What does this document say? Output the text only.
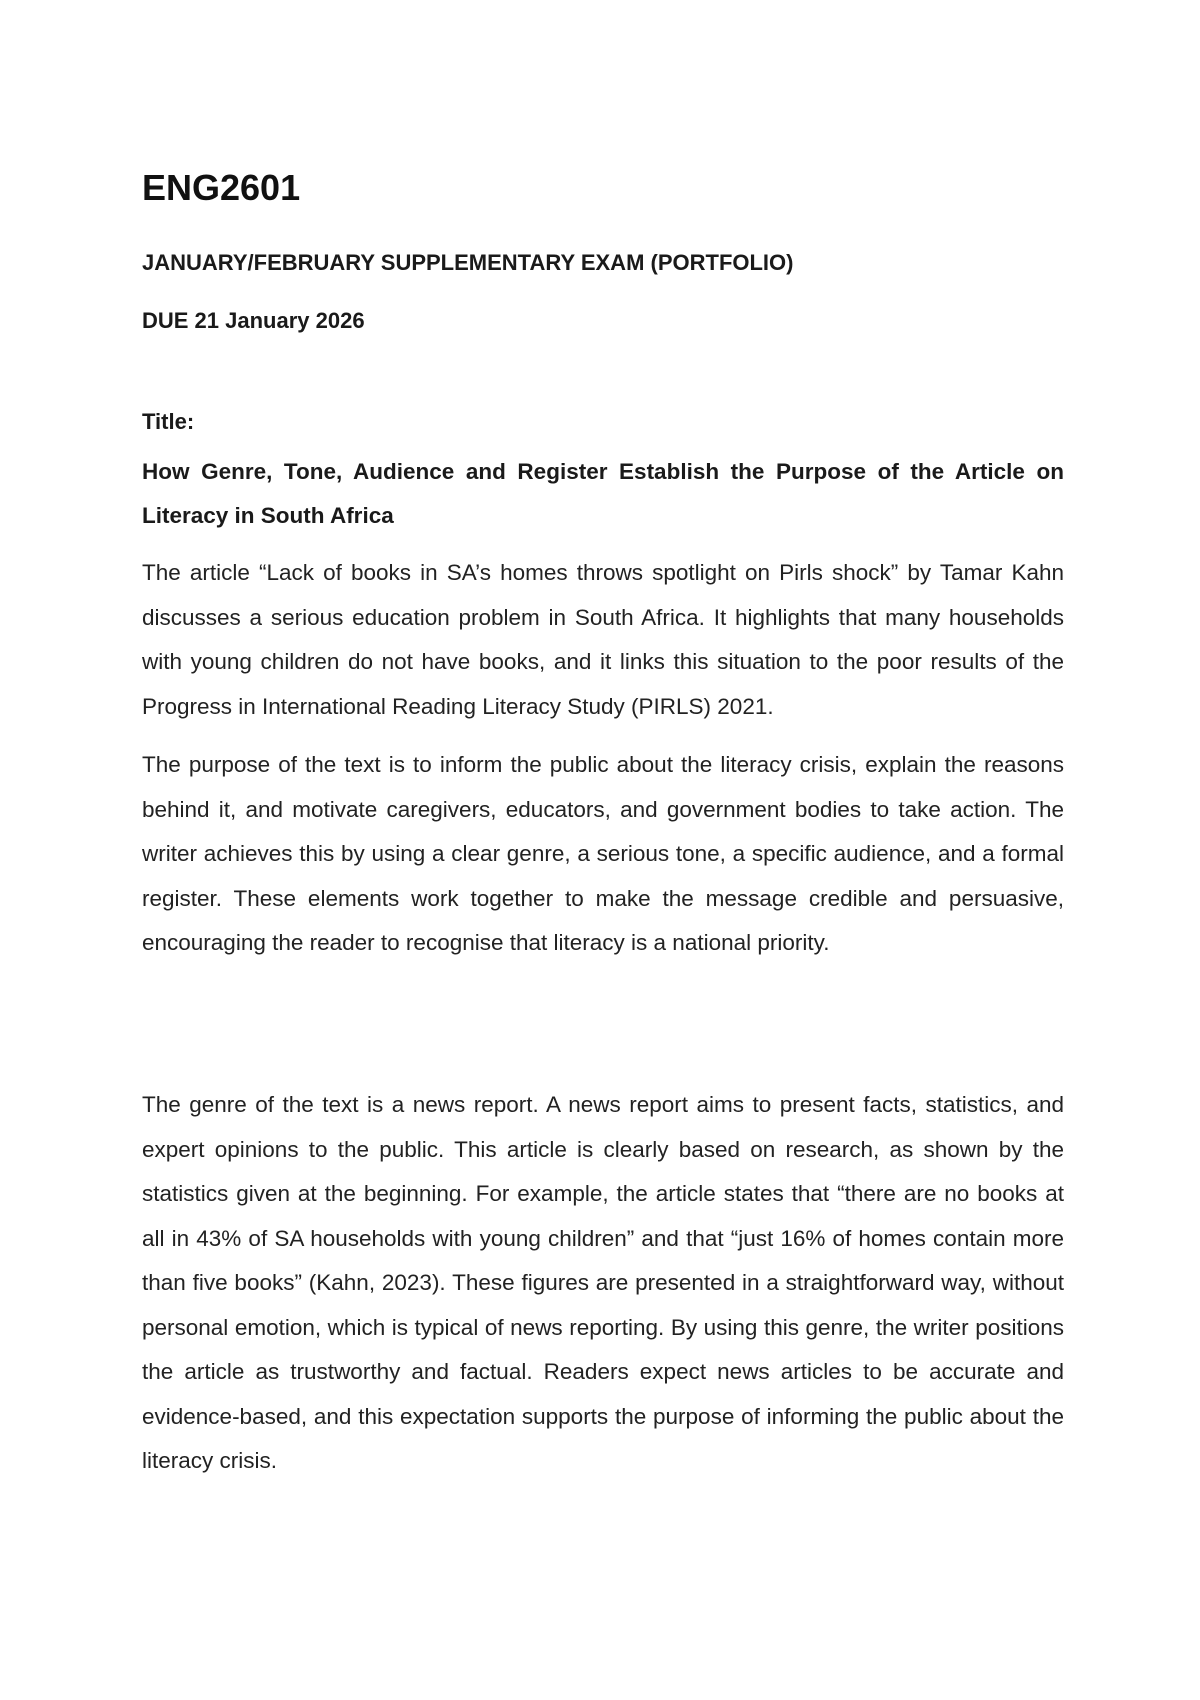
ENG2601

JANUARY/FEBRUARY SUPPLEMENTARY EXAM (PORTFOLIO)

DUE 21 January 2026

Title:

How Genre, Tone, Audience and Register Establish the Purpose of the Article on Literacy in South Africa

The article “Lack of books in SA’s homes throws spotlight on Pirls shock” by Tamar Kahn discusses a serious education problem in South Africa. It highlights that many households with young children do not have books, and it links this situation to the poor results of the Progress in International Reading Literacy Study (PIRLS) 2021.

The purpose of the text is to inform the public about the literacy crisis, explain the reasons behind it, and motivate caregivers, educators, and government bodies to take action. The writer achieves this by using a clear genre, a serious tone, a specific audience, and a formal register. These elements work together to make the message credible and persuasive, encouraging the reader to recognise that literacy is a national priority.

The genre of the text is a news report. A news report aims to present facts, statistics, and expert opinions to the public. This article is clearly based on research, as shown by the statistics given at the beginning. For example, the article states that “there are no books at all in 43% of SA households with young children” and that “just 16% of homes contain more than five books” (Kahn, 2023). These figures are presented in a straightforward way, without personal emotion, which is typical of news reporting. By using this genre, the writer positions the article as trustworthy and factual. Readers expect news articles to be accurate and evidence-based, and this expectation supports the purpose of informing the public about the literacy crisis.
